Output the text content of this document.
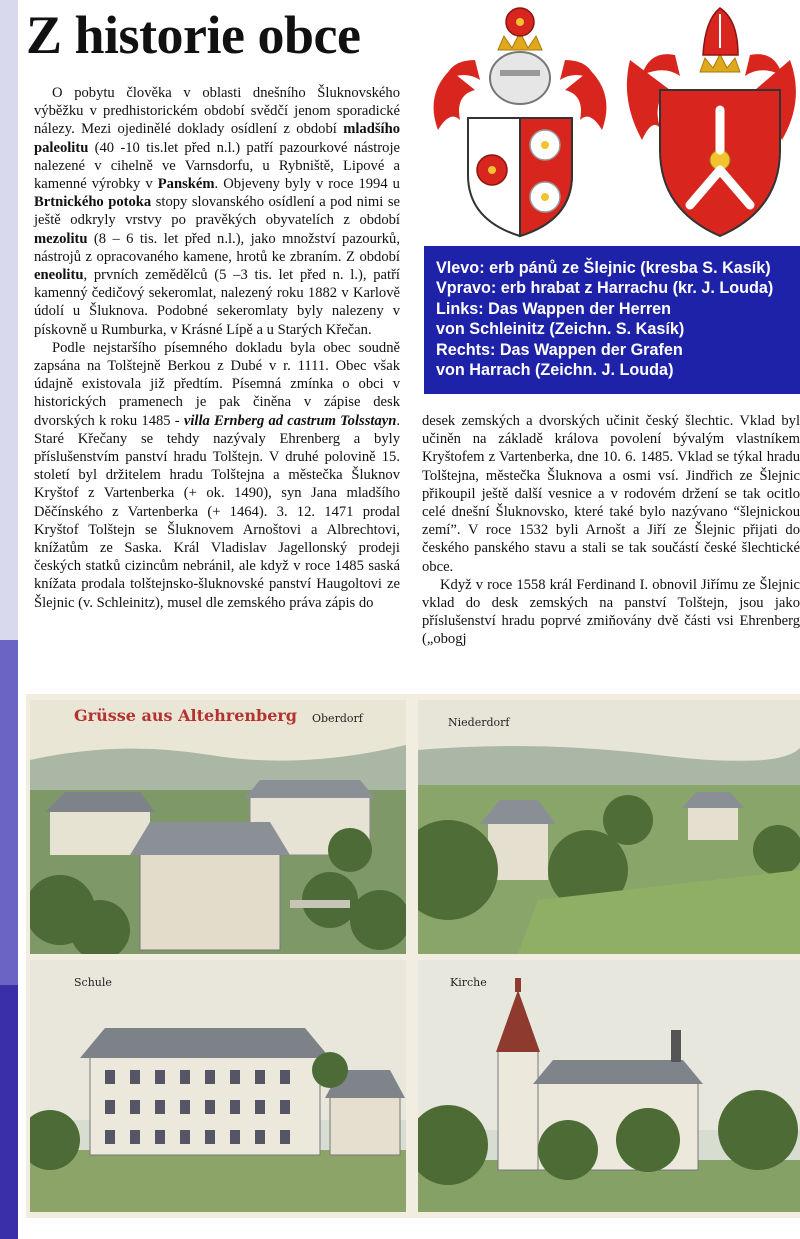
Z historie obce
Vlevo: erb pánů ze Šlejnic (kresba S. Kasík)
Vpravo: erb hrabat z Harrachu (kr. J. Louda)
Links: Das Wappen der Herren
von Schleinitz (Zeichn. S. Kasík)
Rechts: Das Wappen der Grafen
von Harrach (Zeichn. J. Louda)

O pobytu člověka v oblasti dnešního Šluknovského výběžku v predhistorickém období svědčí jenom sporadické nálezy. Mezi ojedinělé doklady osídlení z období mladšího paleolitu (40 -10 tis.let před n.l.) patří pazourkové nástroje nalezené v cihelně ve Varnsdorfu, u Rybniště, Lipové a kamenné výrobky v Panském. Objeveny byly v roce 1994 u Brtnického potoka stopy slovanského osídlení a pod nimi se ještě odkryly vrstvy po pravěkých obyvatelích z období mezolitu (8 – 6 tis. let před n.l.), jako množství pazourků, nástrojů z opracovaného kamene, hrotů ke zbraním. Z období eneolitu, prvních zemědělců (5 –3 tis. let před n. l.), patří kamenný čedičový sekeromlat, nalezený roku 1882 v Karlově údolí u Šluknova. Podobné sekeromlaty byly nalezeny v pískovně u Rumburka, v Krásné Lípě a u Starých Křečan.

Podle nejstaršího písemného dokladu byla obec soudně zapsána na Tolštejně Berkou z Dubé v r. 1111. Obec však údajně existovala již předtím. Písemná zmínka o obci v historických pramenech je pak činěna v zápise desk dvorských k roku 1485 - villa Ernberg ad castrum Tolsstayn. Staré Křečany se tehdy nazývaly Ehrenberg a byly příslušenstvím panství hradu Tolštejn. V druhé polovině 15. století byl držitelem hradu Tolštejna a městečka Šluknov Kryštof z Vartenberka (+ ok. 1490), syn Jana mladšího Děčínského z Vartenberka (+ 1464). 3. 12. 1471 prodal Kryštof Tolštejn se Šluknovem Arnoštovi a Albrechtovi, knížatům ze Saska. Král Vladislav Jagellonský prodeji českých statků cizincům nebránil, ale když v roce 1485 saská knížata prodala tolštejnsko-šluknovské panství Haugoltovi ze Šlejnic (v. Schleinitz), musel dle zemského práva zápis do

desek zemských a dvorských učinit český šlechtic. Vklad byl učiněn na základě králova povolení bývalým vlastníkem Kryštofem z Vartenberka, dne 10. 6. 1485. Vklad se týkal hradu Tolštejna, městečka Šluknova a osmi vsí. Jindřich ze Šlejnic přikoupil ještě další vesnice a v rodovém držení se tak ocitlo celé dnešní Šluknovsko, které také bylo nazývano “šlejnickou zemí”. V roce 1532 byli Arnošt a Jiří ze Šlejnic přijati do českého panského stavu a stali se tak součástí české šlechtické obce.

Když v roce 1558 král Ferdinand I. obnovil Jiřímu ze Šlejnic vklad do desk zemských na panství Tolštejn, jsou jako příslušenství hradu poprvé zmiňovány dvě části vsi Ehrenberg („obogj

Grüsse aus Altehrenberg Oberdorf	Niederdorf
Schule	Kirche
